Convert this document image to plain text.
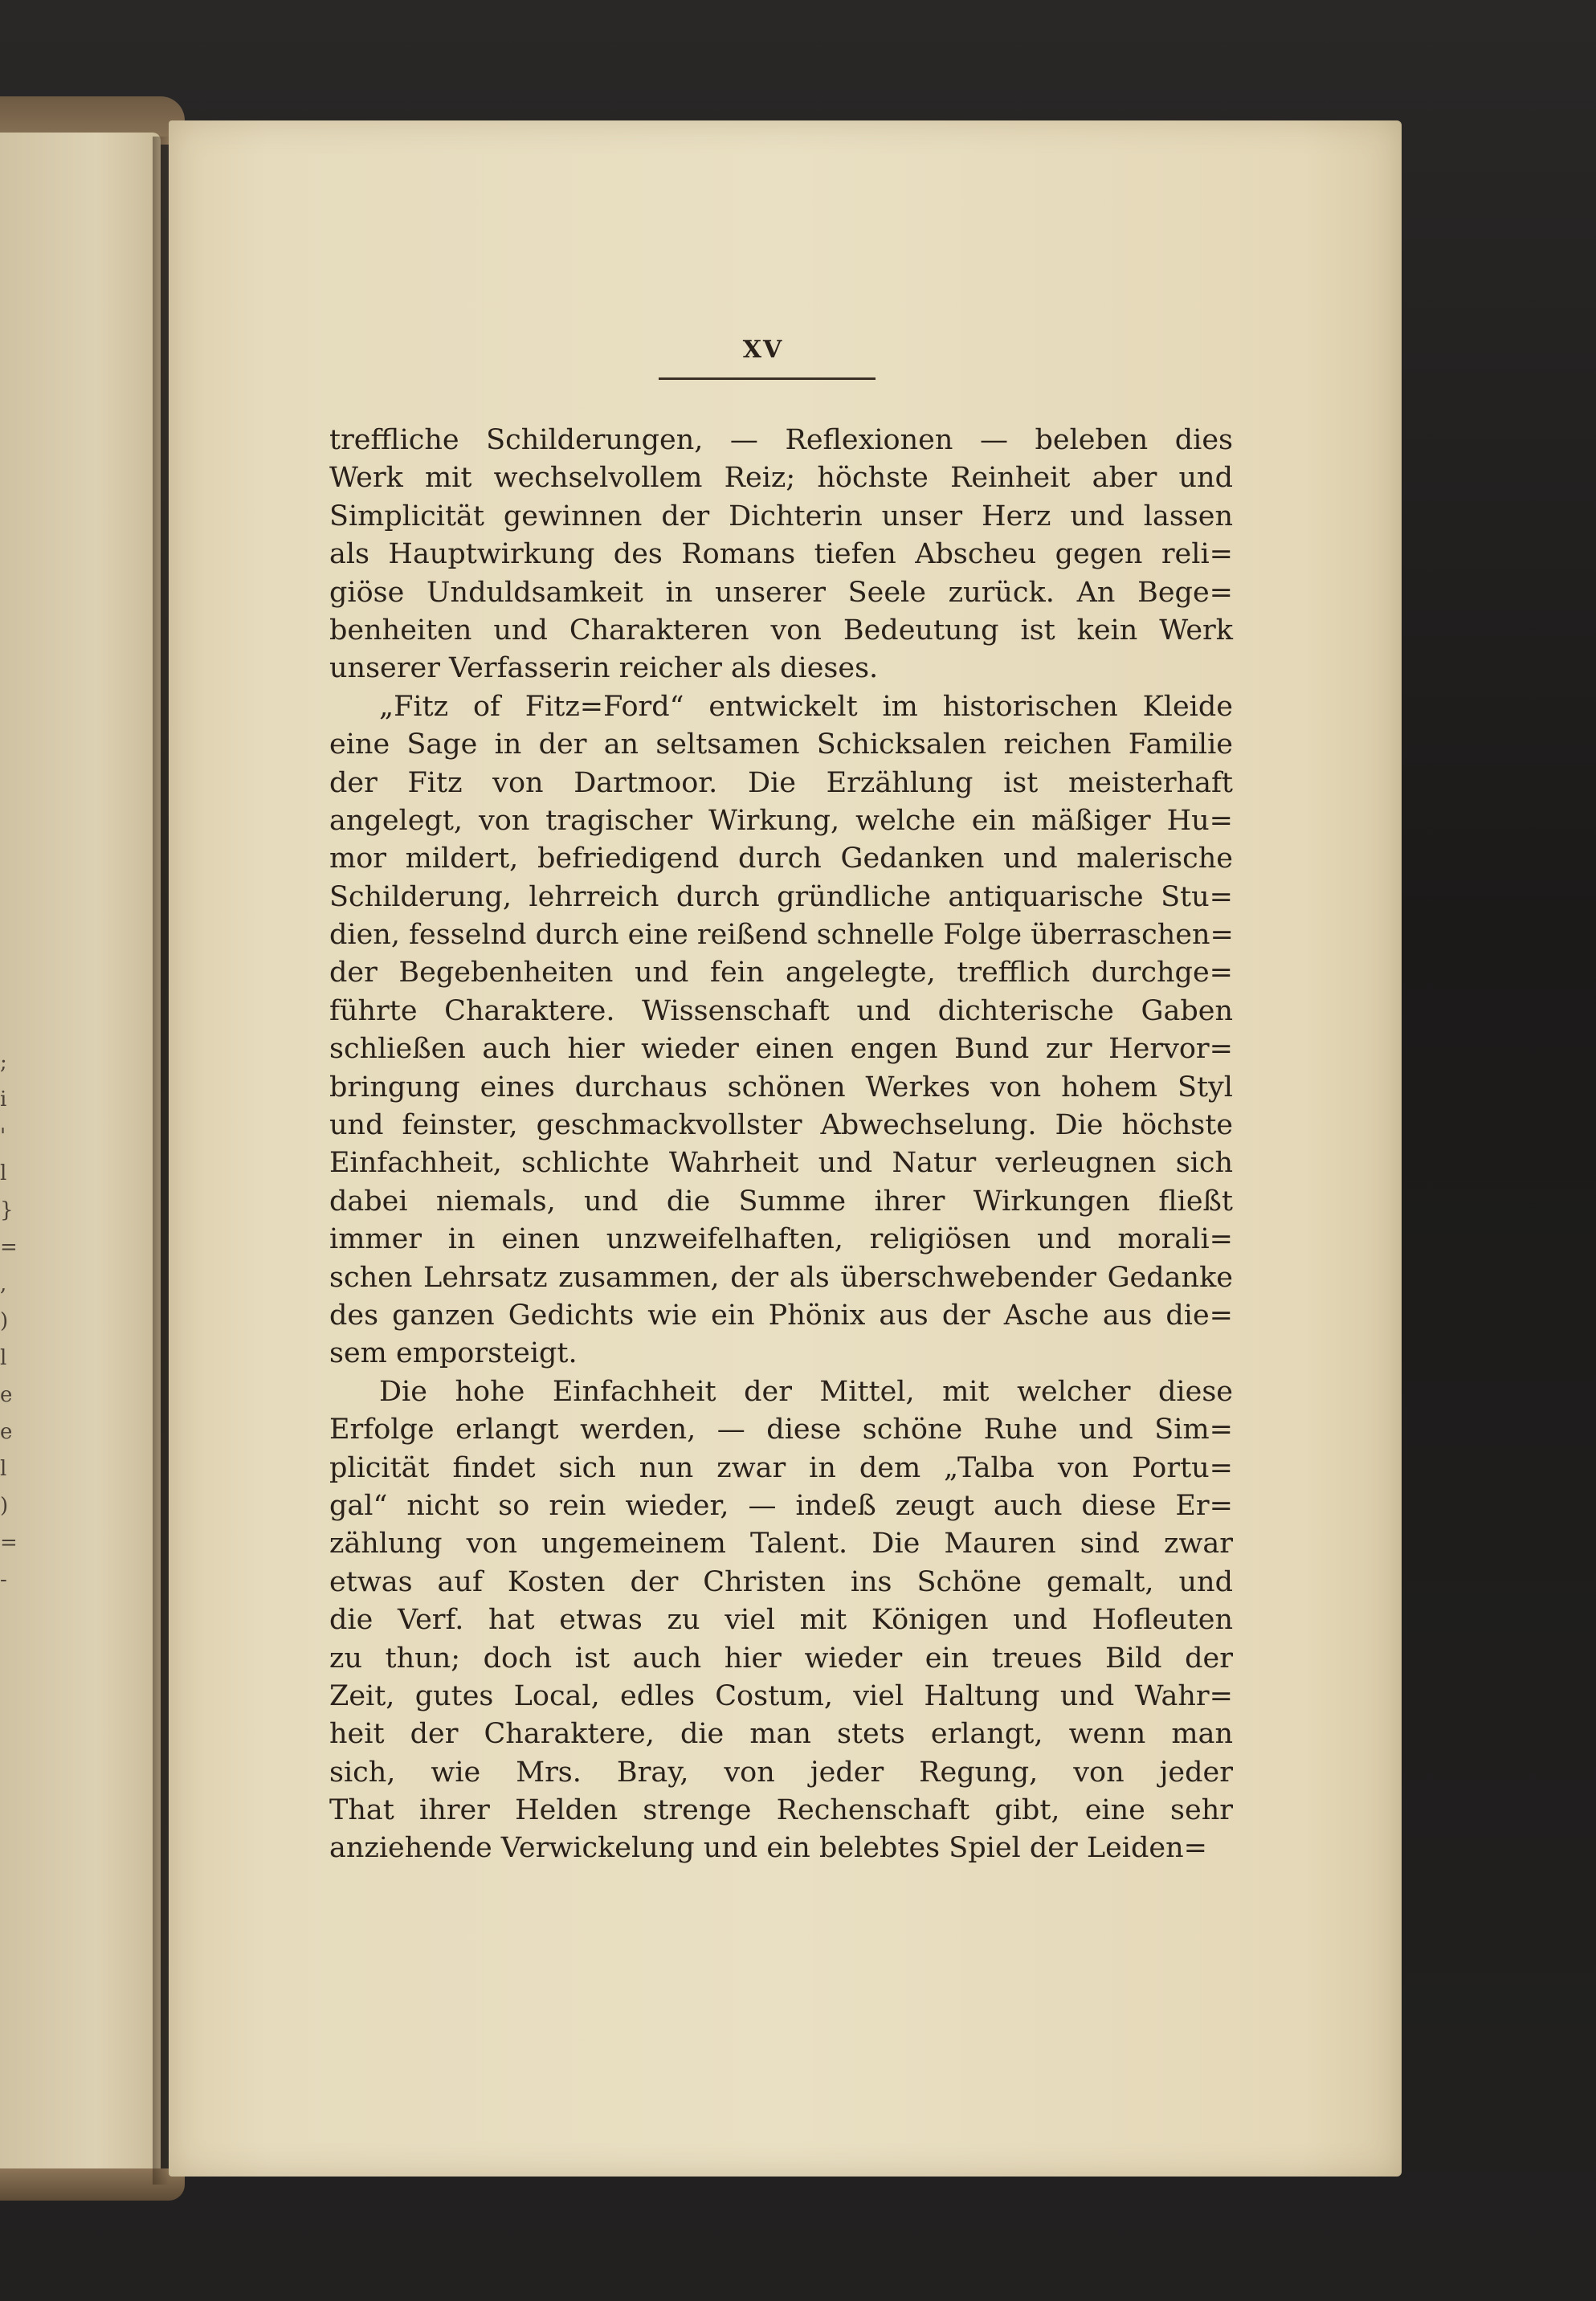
;
i
'
l
}
=
,
)
l
e
e
l
)
=
-
XV
treffliche Schilderungen, — Reflexionen — beleben dies
Werk mit wechselvollem Reiz; höchste Reinheit aber und
Simplicität gewinnen der Dichterin unser Herz und lassen
als Hauptwirkung des Romans tiefen Abscheu gegen reli=
giöse Unduldsamkeit in unserer Seele zurück. An Bege=
benheiten und Charakteren von Bedeutung ist kein Werk
unserer Verfasserin reicher als dieses.
„Fitz of Fitz=Ford“ entwickelt im historischen Kleide
eine Sage in der an seltsamen Schicksalen reichen Familie
der Fitz von Dartmoor. Die Erzählung ist meisterhaft
angelegt, von tragischer Wirkung, welche ein mäßiger Hu=
mor mildert, befriedigend durch Gedanken und malerische
Schilderung, lehrreich durch gründliche antiquarische Stu=
dien, fesselnd durch eine reißend schnelle Folge überraschen=
der Begebenheiten und fein angelegte, trefflich durchge=
führte Charaktere. Wissenschaft und dichterische Gaben
schließen auch hier wieder einen engen Bund zur Hervor=
bringung eines durchaus schönen Werkes von hohem Styl
und feinster, geschmackvollster Abwechselung. Die höchste
Einfachheit, schlichte Wahrheit und Natur verleugnen sich
dabei niemals, und die Summe ihrer Wirkungen fließt
immer in einen unzweifelhaften, religiösen und morali=
schen Lehrsatz zusammen, der als überschwebender Gedanke
des ganzen Gedichts wie ein Phönix aus der Asche aus die=
sem emporsteigt.
Die hohe Einfachheit der Mittel, mit welcher diese
Erfolge erlangt werden, — diese schöne Ruhe und Sim=
plicität findet sich nun zwar in dem „Talba von Portu=
gal“ nicht so rein wieder, — indeß zeugt auch diese Er=
zählung von ungemeinem Talent. Die Mauren sind zwar
etwas auf Kosten der Christen ins Schöne gemalt, und
die Verf. hat etwas zu viel mit Königen und Hofleuten
zu thun; doch ist auch hier wieder ein treues Bild der
Zeit, gutes Local, edles Costum, viel Haltung und Wahr=
heit der Charaktere, die man stets erlangt, wenn man
sich, wie Mrs. Bray, von jeder Regung, von jeder
That ihrer Helden strenge Rechenschaft gibt, eine sehr
anziehende Verwickelung und ein belebtes Spiel der Leiden=
